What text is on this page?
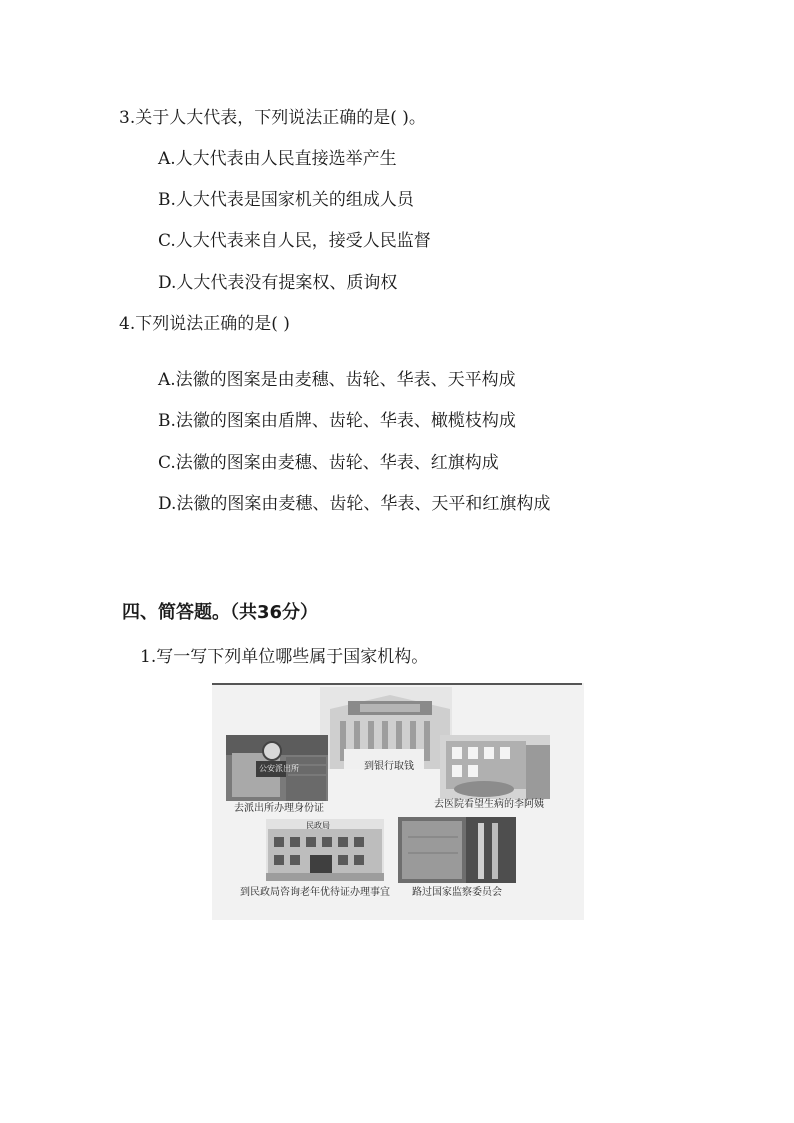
3.关于人大代表，下列说法正确的是( )。
A.人大代表由人民直接选举产生
B.人大代表是国家机关的组成人员
C.人大代表来自人民，接受人民监督
D.人大代表没有提案权、质询权
4.下列说法正确的是( )
A.法徽的图案是由麦穗、齿轮、华表、天平构成
B.法徽的图案由盾牌、齿轮、华表、橄榄枝构成
C.法徽的图案由麦穗、齿轮、华表、红旗构成
D.法徽的图案由麦穗、齿轮、华表、天平和红旗构成
四、简答题。（共36分）
1.写一写下列单位哪些属于国家机构。
到银行取钱
公安派出所
去派出所办理身份证	去医院看望生病的李阿姨
民政局
到民政局咨询老年优待证办理事宜 路过国家监察委员会
